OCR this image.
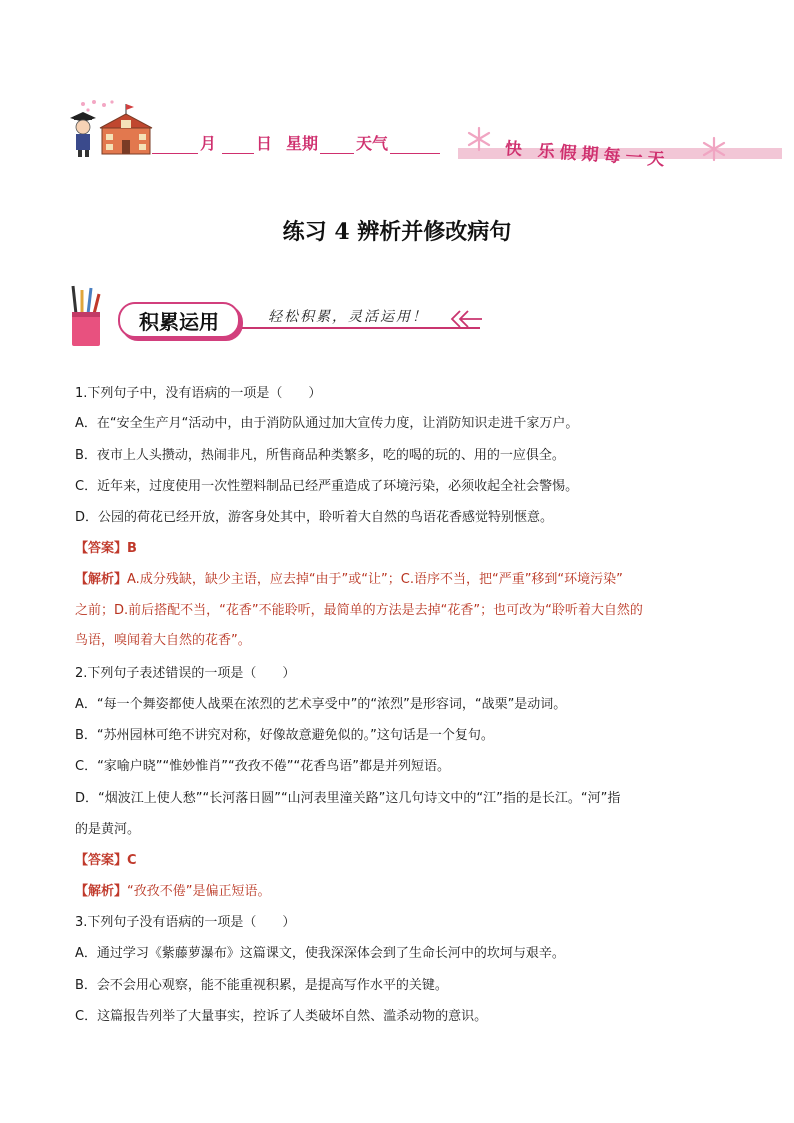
月	日 星期 天气	快 乐假期每一天
练习 4 辨析并修改病句
积累运用	轻松积累，灵活运用！
1.下列句子中，没有语病的一项是（　　）
A．在“安全生产月“活动中，由于消防队通过加大宣传力度，让消防知识走进千家万户。
B．夜市上人头攒动，热闹非凡，所售商品种类繁多，吃的喝的玩的、用的一应俱全。
C．近年来，过度使用一次性塑料制品已经严重造成了环境污染，必须收起全社会警惕。
D．公园的荷花已经开放，游客身处其中，聆听着大自然的鸟语花香感觉特别惬意。
【答案】B
【解析】A.成分残缺，缺少主语，应去掉“由于”或“让”；C.语序不当，把“严重”移到“环境污染”
之前；D.前后搭配不当，“花香”不能聆听，最简单的方法是去掉“花香”；也可改为“聆听着大自然的
鸟语，嗅闻着大自然的花香”。
2.下列句子表述错误的一项是（　　）
A．“每一个舞姿都使人战栗在浓烈的艺术享受中”的“浓烈”是形容词，“战栗”是动词。
B．“苏州园林可绝不讲究对称，好像故意避免似的。”这句话是一个复句。
C．“家喻户晓”“惟妙惟肖”“孜孜不倦”“花香鸟语”都是并列短语。
D．“烟波江上使人愁”“长河落日圆”“山河表里潼关路”这几句诗文中的“江”指的是长江。“河”指
的是黄河。
【答案】C
【解析】“孜孜不倦”是偏正短语。
3.下列句子没有语病的一项是（　　）
A．通过学习《紫藤萝瀑布》这篇课文，使我深深体会到了生命长河中的坎坷与艰辛。
B．会不会用心观察，能不能重视积累，是提高写作水平的关键。
C．这篇报告列举了大量事实，控诉了人类破坏自然、滥杀动物的意识。
